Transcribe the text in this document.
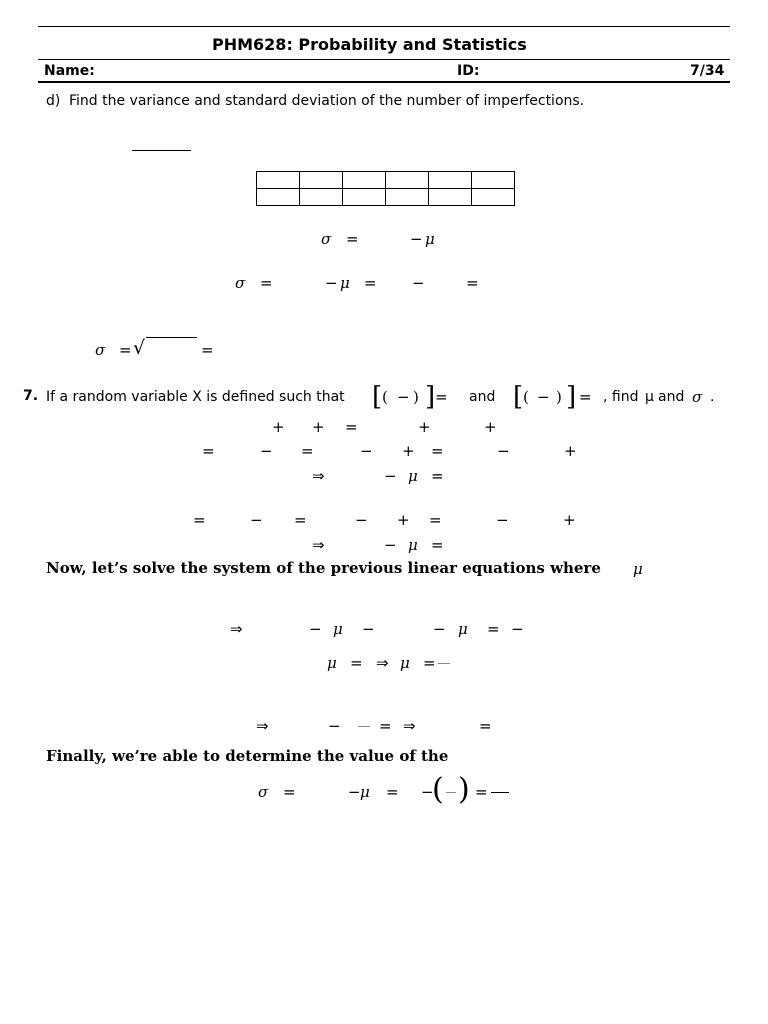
PHM628: Probability and Statistics
Name:	ID:	7/34
d) Find the variance and standard deviation of the number of imperfections.

σ =	− μ
σ =	− μ = −	=
σ = √	=
7. If a random variable X is defined such that [ ( − ) ] = and [ ( − ) ] = , find μ and σ .
+ + =	+	+
=	− =	− + =	−	+
⇒	− μ =
=	− =	− + =	−	+
⇒	− μ =
Now, let’s solve the system of the previous linear equations where μ
⇒	− μ −	− μ = −
μ = ⇒ μ =
⇒	−	= ⇒	=
Finally, we’re able to determine the value of the
σ =	− μ = −
( ) =
